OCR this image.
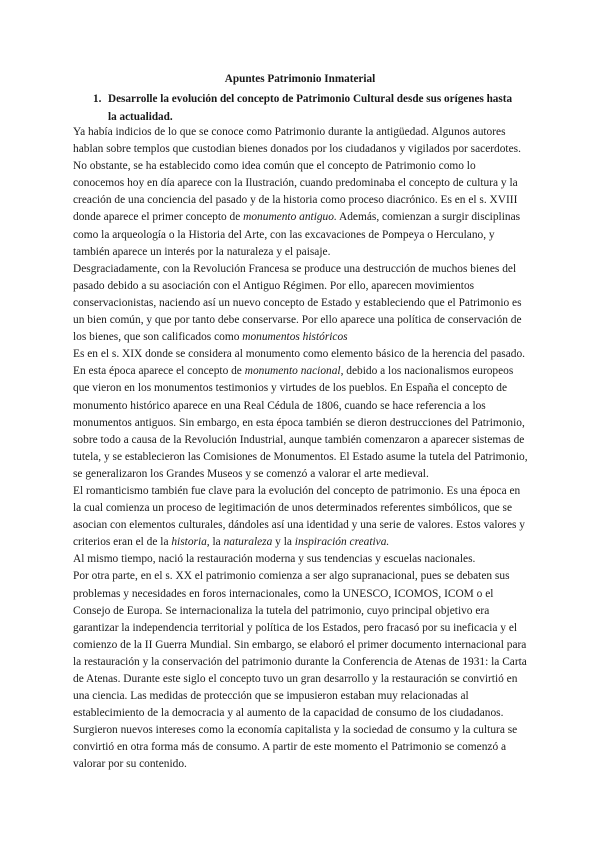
Apuntes Patrimonio Inmaterial
1. Desarrolle la evolución del concepto de Patrimonio Cultural desde sus orígenes hasta la actualidad.

Ya había indicios de lo que se conoce como Patrimonio durante la antigüedad. Algunos autores hablan sobre templos que custodian bienes donados por los ciudadanos y vigilados por sacerdotes. No obstante, se ha establecido como idea común que el concepto de Patrimonio como lo conocemos hoy en día aparece con la Ilustración, cuando predominaba el concepto de cultura y la creación de una conciencia del pasado y de la historia como proceso diacrónico. Es en el s. XVIII donde aparece el primer concepto de monumento antiguo. Además, comienzan a surgir disciplinas como la arqueología o la Historia del Arte, con las excavaciones de Pompeya o Herculano, y también aparece un interés por la naturaleza y el paisaje.

Desgraciadamente, con la Revolución Francesa se produce una destrucción de muchos bienes del pasado debido a su asociación con el Antiguo Régimen. Por ello, aparecen movimientos conservacionistas, naciendo así un nuevo concepto de Estado y estableciendo que el Patrimonio es un bien común, y que por tanto debe conservarse. Por ello aparece una política de conservación de los bienes, que son calificados como monumentos históricos

Es en el s. XIX donde se considera al monumento como elemento básico de la herencia del pasado. En esta época aparece el concepto de monumento nacional, debido a los nacionalismos europeos que vieron en los monumentos testimonios y virtudes de los pueblos. En España el concepto de monumento histórico aparece en una Real Cédula de 1806, cuando se hace referencia a los monumentos antiguos. Sin embargo, en esta época también se dieron destrucciones del Patrimonio, sobre todo a causa de la Revolución Industrial, aunque también comenzaron a aparecer sistemas de tutela, y se establecieron las Comisiones de Monumentos. El Estado asume la tutela del Patrimonio, se generalizaron los Grandes Museos y se comenzó a valorar el arte medieval.

El romanticismo también fue clave para la evolución del concepto de patrimonio. Es una época en la cual comienza un proceso de legitimación de unos determinados referentes simbólicos, que se asocian con elementos culturales, dándoles así una identidad y una serie de valores. Estos valores y criterios eran el de la historia, la naturaleza y la inspiración creativa.

Al mismo tiempo, nació la restauración moderna y sus tendencias y escuelas nacionales.

Por otra parte, en el s. XX el patrimonio comienza a ser algo supranacional, pues se debaten sus problemas y necesidades en foros internacionales, como la UNESCO, ICOMOS, ICOM o el Consejo de Europa. Se internacionaliza la tutela del patrimonio, cuyo principal objetivo era garantizar la independencia territorial y política de los Estados, pero fracasó por su ineficacia y el comienzo de la II Guerra Mundial. Sin embargo, se elaboró el primer documento internacional para la restauración y la conservación del patrimonio durante la Conferencia de Atenas de 1931: la Carta de Atenas. Durante este siglo el concepto tuvo un gran desarrollo y la restauración se convirtió en una ciencia. Las medidas de protección que se impusieron estaban muy relacionadas al establecimiento de la democracia y al aumento de la capacidad de consumo de los ciudadanos. Surgieron nuevos intereses como la economía capitalista y la sociedad de consumo y la cultura se convirtió en otra forma más de consumo. A partir de este momento el Patrimonio se comenzó a valorar por su contenido.
